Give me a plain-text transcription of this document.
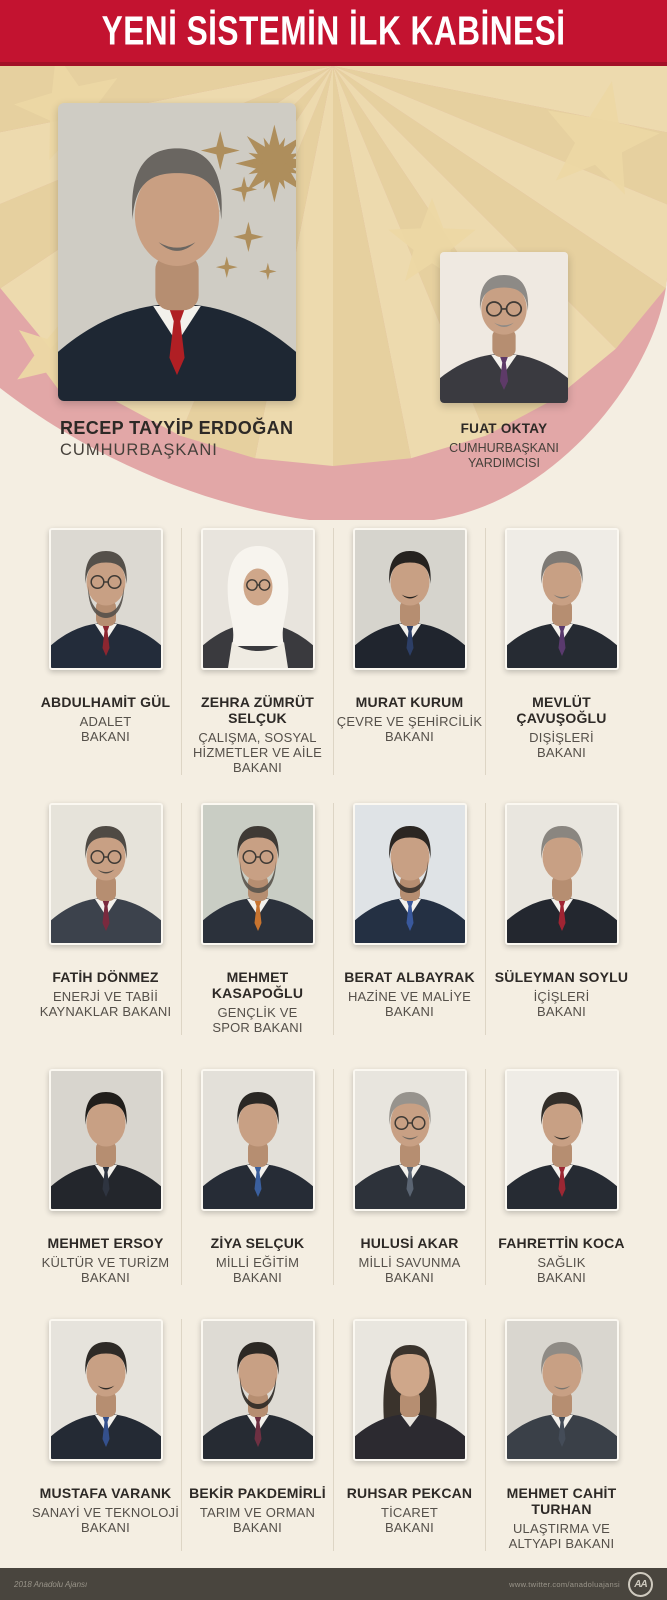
YENİ SİSTEMİN İLK KABİNESİ
RECEP TAYYİP ERDOĞAN
CUMHURBAŞKANI
FUAT OKTAY
CUMHURBAŞKANI
YARDIMCISI
ABDULHAMİT GÜL
ADALET
BAKANI
ZEHRA ZÜMRÜT SELÇUK
ÇALIŞMA, SOSYAL
HİZMETLER VE AİLE
BAKANI
MURAT KURUM
ÇEVRE VE ŞEHİRCİLİK
BAKANI
MEVLÜT ÇAVUŞOĞLU
DIŞİŞLERİ
BAKANI
FATİH DÖNMEZ
ENERJİ VE TABİİ
KAYNAKLAR BAKANI
MEHMET KASAPOĞLU
GENÇLİK VE
SPOR BAKANI
BERAT ALBAYRAK
HAZİNE VE MALİYE
BAKANI
SÜLEYMAN SOYLU
İÇİŞLERİ
BAKANI
MEHMET ERSOY
KÜLTÜR VE TURİZM
BAKANI
ZİYA SELÇUK
MİLLİ EĞİTİM
BAKANI
HULUSİ AKAR
MİLLİ SAVUNMA
BAKANI
FAHRETTİN KOCA
SAĞLIK
BAKANI
MUSTAFA VARANK
SANAYİ VE TEKNOLOJİ
BAKANI
BEKİR PAKDEMİRLİ
TARIM VE ORMAN
BAKANI
RUHSAR PEKCAN
TİCARET
BAKANI
MEHMET CAHİT TURHAN
ULAŞTIRMA VE
ALTYAPI BAKANI
2018 Anadolu Ajansı	www.twitter.com/anadoluajansi	AA
